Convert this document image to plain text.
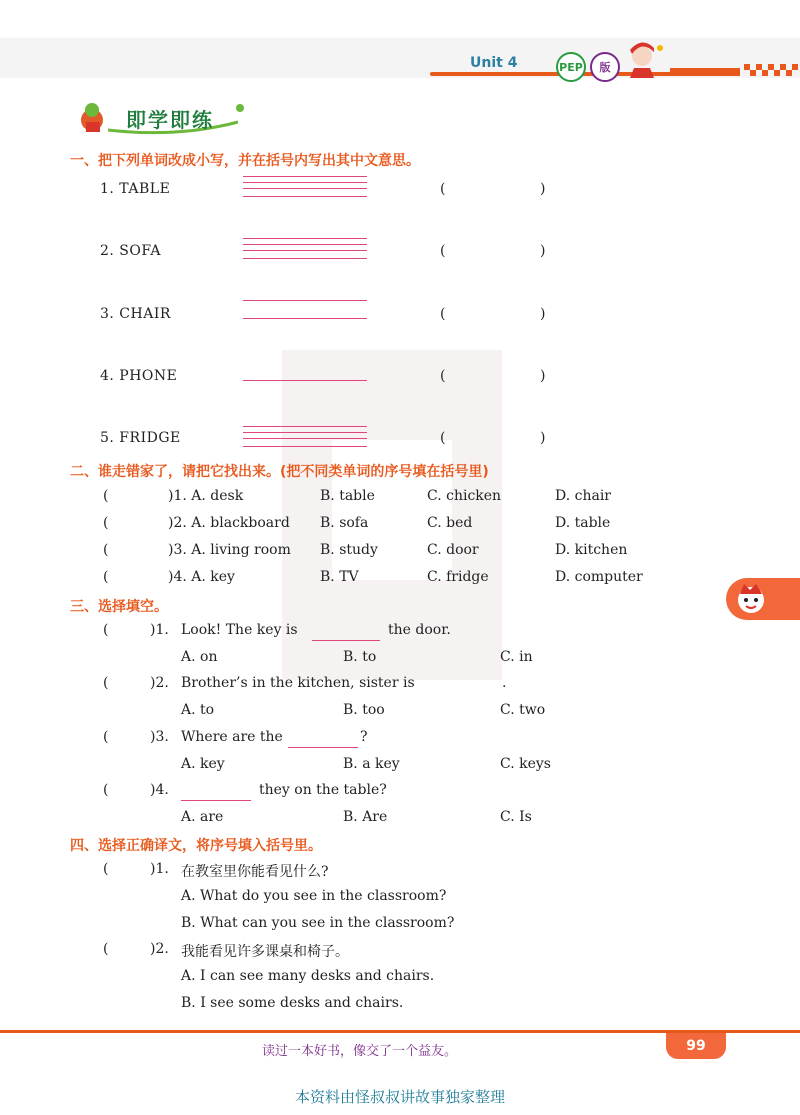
Unit 4	PEP	版
即学即练
一、把下列单词改成小写，并在括号内写出其中文意思。
1. TABLE	(	)
2. SOFA	(	)
3. CHAIR	(	)
4. PHONE	(	)
5. FRIDGE	(	)
二、谁走错家了，请把它找出来。(把不同类单词的序号填在括号里)
(	)1. A. desk	B. table	C. chicken	D. chair
(	)2. A. blackboard B. sofa	C. bed	D. table
(	)3. A. living room B. study	C. door	D. kitchen
(	)4. A. key	B. TV	C. fridge	D. computer
三、选择填空。
(	)1. Look! The key is	the door.
A. on	B. to	C. in
(	)2. Brother’s in the kitchen, sister is	.
A. to	B. too	C. two
(	)3. Where are the	?
A. key	B. a key	C. keys
(	)4.	they on the table?
A. are	B. Are	C. Is
四、选择正确译文，将序号填入括号里。
(	)1. 在教室里你能看见什么?
A. What do you see in the classroom?
B. What can you see in the classroom?
(	)2. 我能看见许多课桌和椅子。
A. I can see many desks and chairs.
B. I see some desks and chairs.
读过一本好书，像交了一个益友。	99
本资料由怪叔叔讲故事独家整理
